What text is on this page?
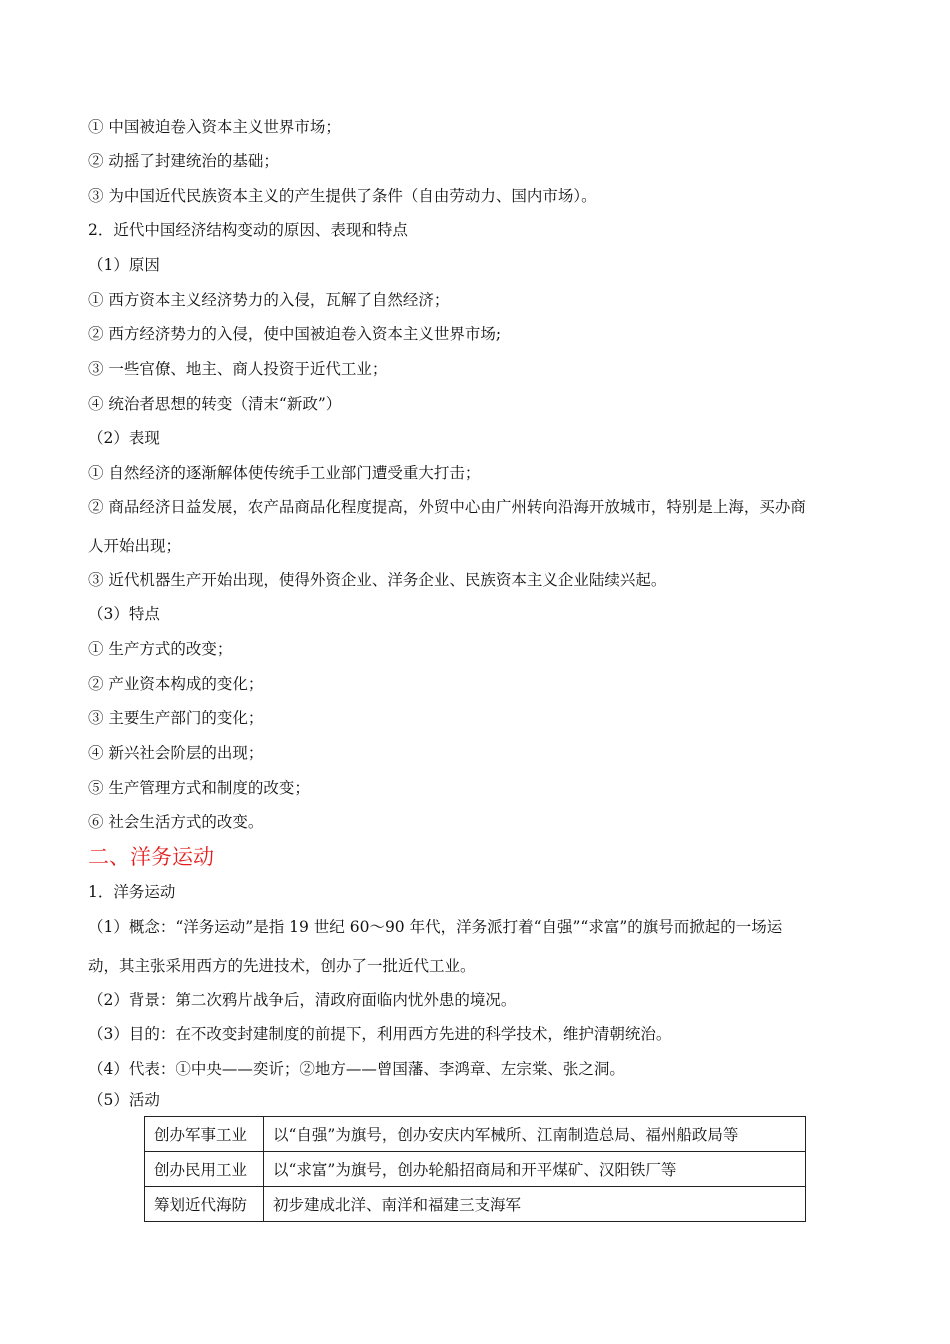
① 中国被迫卷入资本主义世界市场；
② 动摇了封建统治的基础；
③ 为中国近代民族资本主义的产生提供了条件（自由劳动力、国内市场）。
2．近代中国经济结构变动的原因、表现和特点
（1）原因
① 西方资本主义经济势力的入侵，瓦解了自然经济；
② 西方经济势力的入侵，使中国被迫卷入资本主义世界市场;
③ 一些官僚、地主、商人投资于近代工业；
④ 统治者思想的转变（清末“新政”）
（2）表现
① 自然经济的逐渐解体使传统手工业部门遭受重大打击；
② 商品经济日益发展，农产品商品化程度提高，外贸中心由广州转向沿海开放城市，特别是上海，买办商
人开始出现；
③ 近代机器生产开始出现，使得外资企业、洋务企业、民族资本主义企业陆续兴起。
（3）特点
① 生产方式的改变；
② 产业资本构成的变化；
③ 主要生产部门的变化；
④ 新兴社会阶层的出现；
⑤ 生产管理方式和制度的改变；
⑥ 社会生活方式的改变。
二、洋务运动
1．洋务运动
（1）概念：“洋务运动”是指 19 世纪 60～90 年代，洋务派打着“自强”“求富”的旗号而掀起的一场运
动，其主张采用西方的先进技术，创办了一批近代工业。
（2）背景：第二次鸦片战争后，清政府面临内忧外患的境况。
（3）目的：在不改变封建制度的前提下，利用西方先进的科学技术，维护清朝统治。
（4）代表：①中央——奕䜣；②地方——曾国藩、李鸿章、左宗棠、张之洞。
（5）活动
创办军事工业	以“自强”为旗号，创办安庆内军械所、江南制造总局、福州船政局等
创办民用工业	以“求富”为旗号，创办轮船招商局和开平煤矿、汉阳铁厂等
筹划近代海防	初步建成北洋、南洋和福建三支海军
